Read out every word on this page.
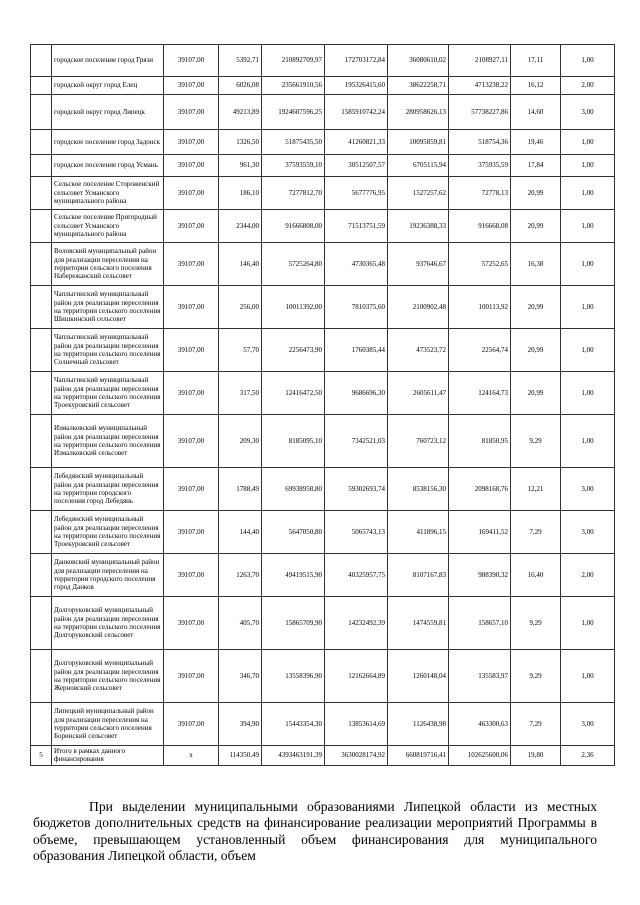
	городское поселение город Грязи	39107,00	5392,71	210892709,97	172703172,84	36080610,02	2108927,11	17,11	1,00
	городской округ город Елец	39107,00	6026,08	235661910,56	195326415,60	38622258,71	4713238,22	16,12	2,00
	городской округ город Липецк	39107,00	49213,89	1924607596,25	1585910742,24	280958626,13	57738227,86	14,60	3,00
	городское поселение город Задонск	39107,00	1326,50	51875435,50	41260821,33	10095859,81	518754,36	19,46	1,00
	городское поселение город Усмань	39107,00	961,30	37593559,10	30512507,57	6705115,94	375935,59	17,84	1,00
	Сельское поселение Стороженский сельсовет Усманского муниципального района	39107,00	186,10	7277812,70	5677776,95	1527257,62	72778,13	20,99	1,00
	Сельское поселение Пригородный сельсовет Усманского муниципального района	39107,00	2344,00	91666808,00	71513751,59	19236388,33	916668,08	20,99	1,00
	Воловский муниципальный район для реализации переселения на территории сельского поселения Набережанский сельсовет	39107,00	146,40	5725264,80	4730365,48	937646,67	57252,65	16,38	1,00
	Чаплыгинский муниципальный район для реализации переселения на территории сельского поселения Шишкинский сельсовет	39107,00	256,00	10011392,00	7810375,60	2100902,48	100113,92	20,99	1,00
	Чаплыгинский муниципальный район для реализации переселения на территории сельского поселения Солнечный сельсовет	39107,00	57,70	2256473,90	1760385,44	473523,72	22564,74	20,99	1,00
	Чаплыгинский муниципальный район для реализации переселения на территории сельского поселения Троекуровский сельсовет	39107,00	317,50	12416472,50	9686696,30	2605611,47	124164,73	20,99	1,00
	Измалковский муниципальный район для реализации переселения на территории сельского поселения Измалковский сельсовет	39107,00	209,30	8185095,10	7342521,03	760723,12	81850,95	9,29	1,00
	Лебедянский муниципальный район для реализации переселения на территории городского поселения город Лебедянь	39107,00	1788,49	69938958,80	59302693,74	8538156,30	2098168,76	12,21	3,00
	Лебедянский муниципальный район для реализации переселения на территории сельского поселения Троекуровский сельсовет	39107,00	144,40	5647050,80	5065743,13	411896,15	169411,52	7,29	3,00
	Данковский муниципальный район для реализации переселения на территории городского поселения город Данков	39107,00	1263,70	49419515,90	40325957,75	8107167,83	988390,32	16,40	2,00
	Долгоруковский муниципальный район для реализации переселения на территории сельского поселения Долгоруковский сельсовет	39107,00	405,70	15865709,90	14232492,39	1474559,81	158657,10	9,29	1,00
	Долгоруковский муниципальный район для реализации переселения на территории сельского поселения Жерновский сельсовет	39107,00	346,70	13558396,90	12162664,89	1260148,04	135583,97	9,29	1,00
	Липецкий муниципальный район для реализации переселения на территории сельского поселения Боринский сельсовет	39107,00	394,90	15443354,30	13853614,69	1126438,98	463300,63	7,29	3,00
5	Итого в рамках данного финансирования	х	114350,49	4393463191,39	3630028174,92	660819716,41	102625600,06	19,80	2,36

При выделении муниципальными образованиями Липецкой области из местных бюджетов дополнительных средств на финансирование реализации мероприятий Программы в объеме, превышающем установленный объем финансирования для муниципального образования Липецкой области, объем
